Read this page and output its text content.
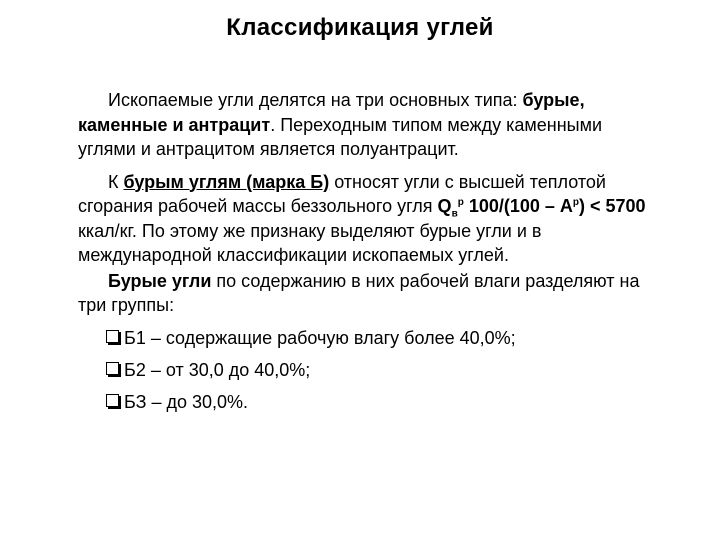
Классификация углей

Ископаемые угли делятся на три основных типа: бурые, каменные и антрацит. Переходным типом между каменными углями и антрацитом является полуантрацит.

К бурым углям (марка Б) относят угли с высшей теплотой сгорания рабочей массы беззольного угля $Q_в^р$ $100/(100 - A^р) < 5700$ ккал/кг. По этому же признаку выделяют бурые угли и в международной классификации ископаемых углей.

Бурые угли по содержанию в них рабочей влаги разделяют на три группы:

Б1 – содержащие рабочую влагу более 40,0%;
Б2 – от 30,0 до 40,0%;
БЗ – до 30,0%.
